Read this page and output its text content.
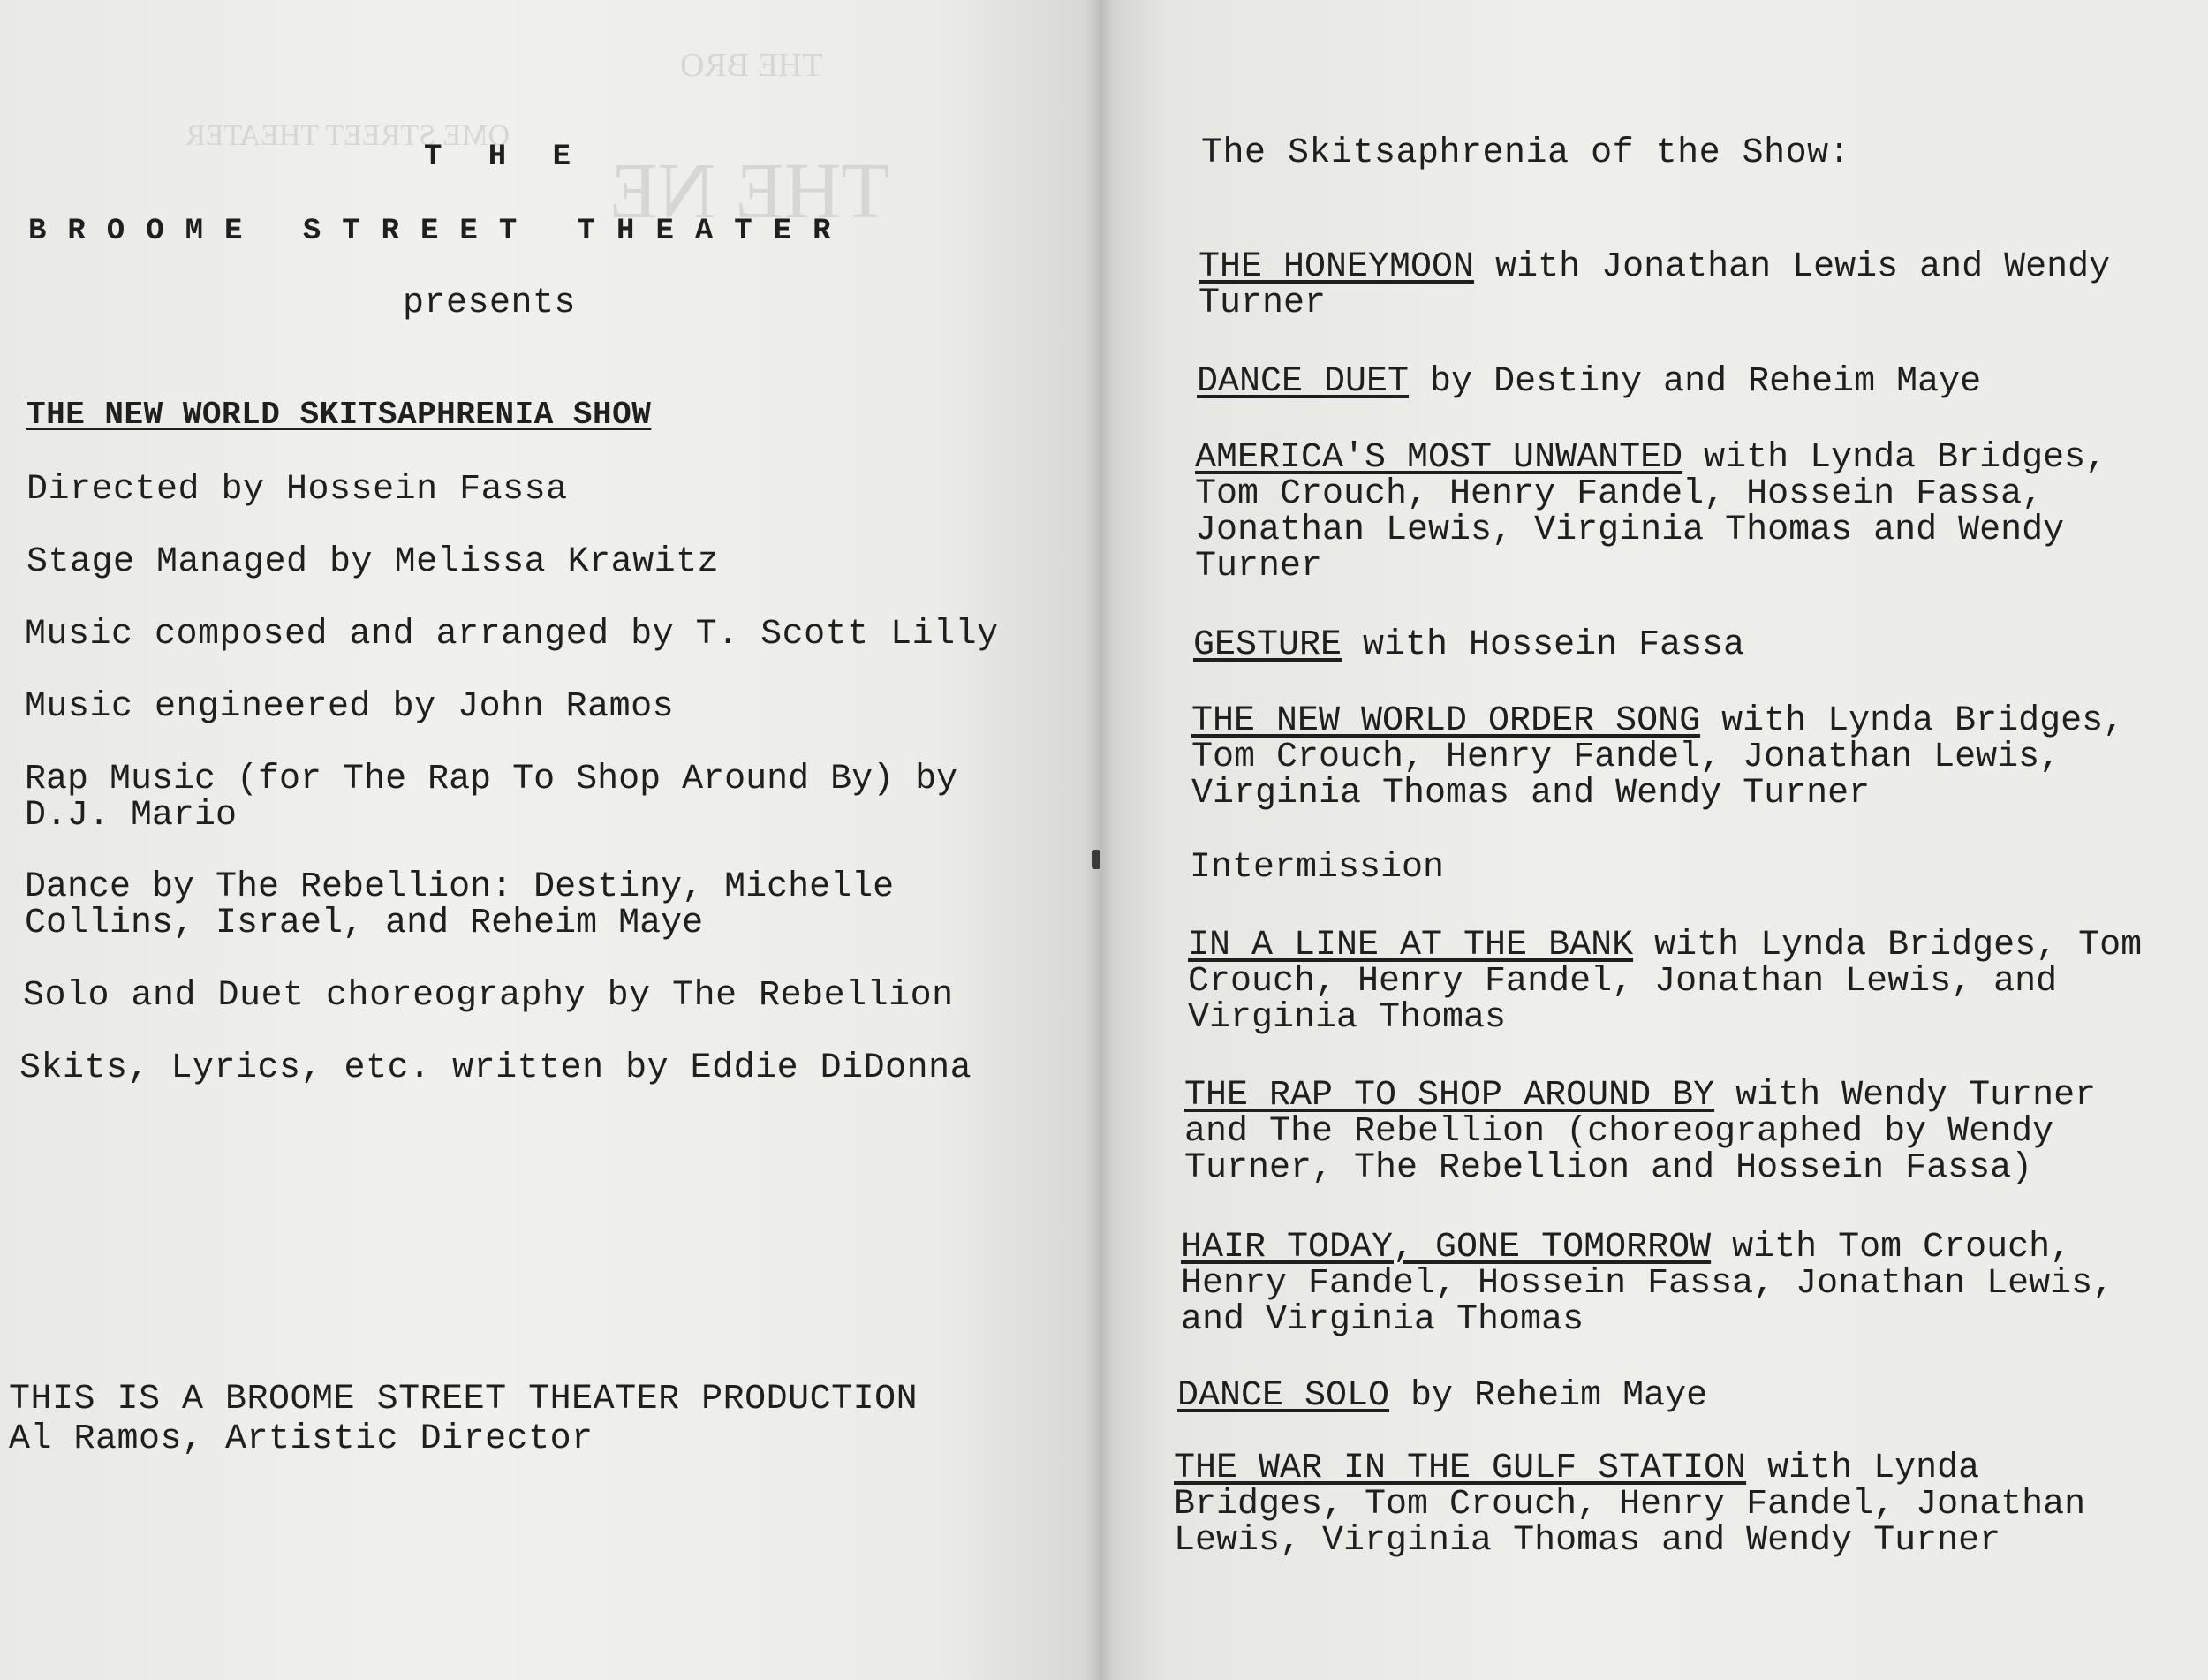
THE BRO
OME STREET THEATER
THE NE
T H E
BROOME STREET THEATER
presents
THE NEW WORLD SKITSAPHRENIA SHOW
Directed by Hossein Fassa
Stage Managed by Melissa Krawitz
Music composed and arranged by T. Scott Lilly
Music engineered by John Ramos
Rap Music (for The Rap To Shop Around By) by
D.J. Mario
Dance by The Rebellion: Destiny, Michelle
Collins, Israel, and Reheim Maye
Solo and Duet choreography by The Rebellion
Skits, Lyrics, etc. written by Eddie DiDonna
THIS IS A BROOME STREET THEATER PRODUCTION
Al Ramos, Artistic Director
The Skitsaphrenia of the Show:
THE HONEYMOON with Jonathan Lewis and Wendy
Turner
DANCE DUET by Destiny and Reheim Maye
AMERICA'S MOST UNWANTED with Lynda Bridges,
Tom Crouch, Henry Fandel, Hossein Fassa,
Jonathan Lewis, Virginia Thomas and Wendy
Turner
GESTURE with Hossein Fassa
THE NEW WORLD ORDER SONG with Lynda Bridges,
Tom Crouch, Henry Fandel, Jonathan Lewis,
Virginia Thomas and Wendy Turner
Intermission
IN A LINE AT THE BANK with Lynda Bridges, Tom
Crouch, Henry Fandel, Jonathan Lewis, and
Virginia Thomas
THE RAP TO SHOP AROUND BY with Wendy Turner
and The Rebellion (choreographed by Wendy
Turner, The Rebellion and Hossein Fassa)
HAIR TODAY, GONE TOMORROW with Tom Crouch,
Henry Fandel, Hossein Fassa, Jonathan Lewis,
and Virginia Thomas
DANCE SOLO by Reheim Maye
THE WAR IN THE GULF STATION with Lynda
Bridges, Tom Crouch, Henry Fandel, Jonathan
Lewis, Virginia Thomas and Wendy Turner
